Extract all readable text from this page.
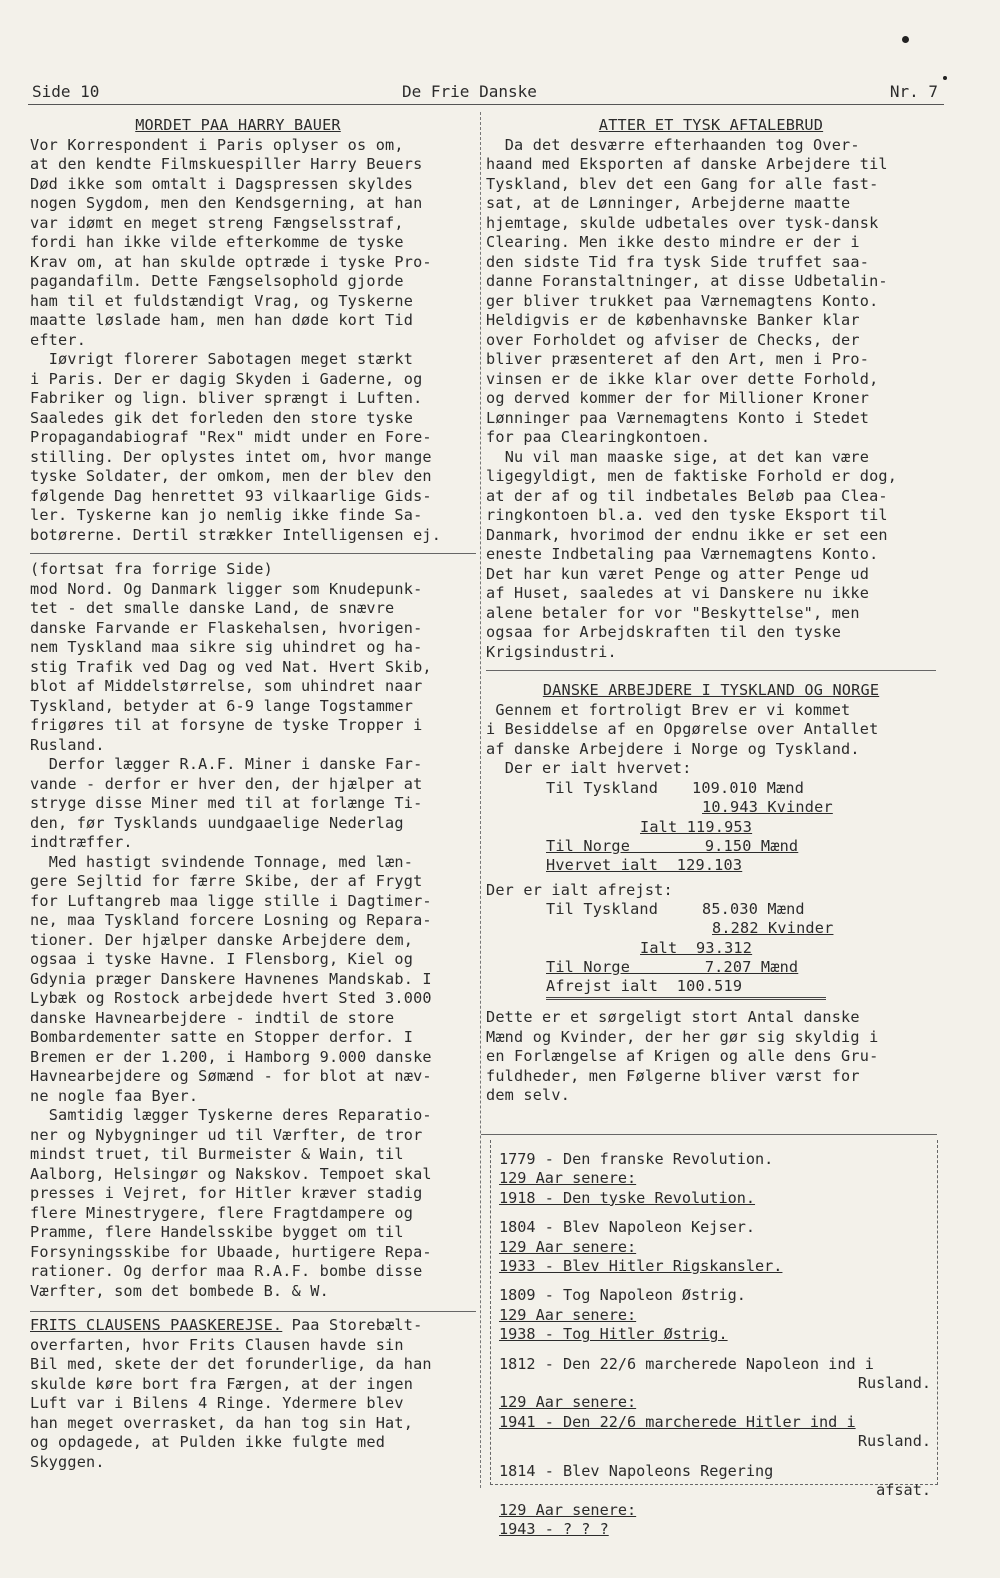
Side 10	De Frie Danske	Nr. 7

MORDET PAA HARRY BAUER

Vor Korrespondent i Paris oplyser os om,

at den kendte Filmskuespiller Harry Beuers

Død ikke som omtalt i Dagspressen skyldes

nogen Sygdom, men den Kendsgerning, at han

var idømt en meget streng Fængselsstraf,

fordi han ikke vilde efterkomme de tyske

Krav om, at han skulde optræde i tyske Pro-

pagandafilm. Dette Fængselsophold gjorde

ham til et fuldstændigt Vrag, og Tyskerne

maatte løslade ham, men han døde kort Tid

efter.

Iøvrigt florerer Sabotagen meget stærkt

i Paris. Der er dagig Skyden i Gaderne, og

Fabriker og lign. bliver sprængt i Luften.

Saaledes gik det forleden den store tyske

Propagandabiograf "Rex" midt under en Fore-

stilling. Der oplystes intet om, hvor mange

tyske Soldater, der omkom, men der blev den

følgende Dag henrettet 93 vilkaarlige Gids-

ler. Tyskerne kan jo nemlig ikke finde Sa-

botørerne. Dertil strækker Intelligensen ej.

(fortsat fra forrige Side)

mod Nord. Og Danmark ligger som Knudepunk-

tet - det smalle danske Land, de snævre

danske Farvande er Flaskehalsen, hvorigen-

nem Tyskland maa sikre sig uhindret og ha-

stig Trafik ved Dag og ved Nat. Hvert Skib,

blot af Middelstørrelse, som uhindret naar

Tyskland, betyder at 6-9 lange Togstammer

frigøres til at forsyne de tyske Tropper i

Rusland.

Derfor lægger R.A.F. Miner i danske Far-

vande - derfor er hver den, der hjælper at

stryge disse Miner med til at forlænge Ti-

den, før Tysklands uundgaaelige Nederlag

indtræffer.

Med hastigt svindende Tonnage, med læn-

gere Sejltid for færre Skibe, der af Frygt

for Luftangreb maa ligge stille i Dagtimer-

ne, maa Tyskland forcere Losning og Repara-

tioner. Der hjælper danske Arbejdere dem,

ogsaa i tyske Havne. I Flensborg, Kiel og

Gdynia præger Danskere Havnenes Mandskab. I

Lybæk og Rostock arbejdede hvert Sted 3.000

danske Havnearbejdere - indtil de store

Bombardementer satte en Stopper derfor. I

Bremen er der 1.200, i Hamborg 9.000 danske

Havnearbejdere og Sømænd - for blot at næv-

ne nogle faa Byer.

Samtidig lægger Tyskerne deres Reparatio-

ner og Nybygninger ud til Værfter, de tror

mindst truet, til Burmeister & Wain, til

Aalborg, Helsingør og Nakskov. Tempoet skal

presses i Vejret, for Hitler kræver stadig

flere Minestrygere, flere Fragtdampere og

Pramme, flere Handelsskibe bygget om til

Forsyningsskibe for Ubaade, hurtigere Repa-

rationer. Og derfor maa R.A.F. bombe disse

Værfter, som det bombede B. & W.

FRITS CLAUSENS PAASKEREJSE. Paa Storebælt-

overfarten, hvor Frits Clausen havde sin

Bil med, skete der det forunderlige, da han

skulde køre bort fra Færgen, at der ingen

Luft var i Bilens 4 Ringe. Ydermere blev

han meget overrasket, da han tog sin Hat,

og opdagede, at Pulden ikke fulgte med

Skyggen.

ATTER ET TYSK AFTALEBRUD

Da det desværre efterhaanden tog Over-

haand med Eksporten af danske Arbejdere til

Tyskland, blev det een Gang for alle fast-

sat, at de Lønninger, Arbejderne maatte

hjemtage, skulde udbetales over tysk-dansk

Clearing. Men ikke desto mindre er der i

den sidste Tid fra tysk Side truffet saa-

danne Foranstaltninger, at disse Udbetalin-

ger bliver trukket paa Værnemagtens Konto.

Heldigvis er de københavnske Banker klar

over Forholdet og afviser de Checks, der

bliver præsenteret af den Art, men i Pro-

vinsen er de ikke klar over dette Forhold,

og derved kommer der for Millioner Kroner

Lønninger paa Værnemagtens Konto i Stedet

for paa Clearingkontoen.

Nu vil man maaske sige, at det kan være

ligegyldigt, men de faktiske Forhold er dog,

at der af og til indbetales Beløb paa Clea-

ringkontoen bl.a. ved den tyske Eksport til

Danmark, hvorimod der endnu ikke er set een

eneste Indbetaling paa Værnemagtens Konto.

Det har kun været Penge og atter Penge ud

af Huset, saaledes at vi Danskere nu ikke

alene betaler for vor "Beskyttelse", men

ogsaa for Arbejdskraften til den tyske

Krigsindustri.

DANSKE ARBEJDERE I TYSKLAND OG NORGE

Gennem et fortroligt Brev er vi kommet

i Besiddelse af en Opgørelse over Antallet

af danske Arbejdere i Norge og Tyskland.

Der er ialt hvervet:

Til Tyskland 109.010 Mænd
10.943 Kvinder
Ialt 119.953
Til Norge        9.150 Mænd
Hvervet ialt  129.103

Der er ialt afrejst:

Til Tyskland	85.030 Mænd
8.282 Kvinder
Ialt  93.312
Til Norge        7.207 Mænd
Afrejst ialt  100.519

Dette er et sørgeligt stort Antal danske

Mænd og Kvinder, der her gør sig skyldig i

en Forlængelse af Krigen og alle dens Gru-

fuldheder, men Følgerne bliver værst for

dem selv.

1779 - Den franske Revolution.

129 Aar senere:

1918 - Den tyske Revolution.

1804 - Blev Napoleon Kejser.

129 Aar senere:

1933 - Blev Hitler Rigskansler.

1809 - Tog Napoleon Østrig.

129 Aar senere:

1938 - Tog Hitler Østrig.

1812 - Den 22/6 marcherede Napoleon ind i

Rusland.

129 Aar senere:

1941 - Den 22/6 marcherede Hitler ind i

Rusland.

1814 - Blev Napoleons Regering

afsat.

129 Aar senere:

1943 - ? ? ?
